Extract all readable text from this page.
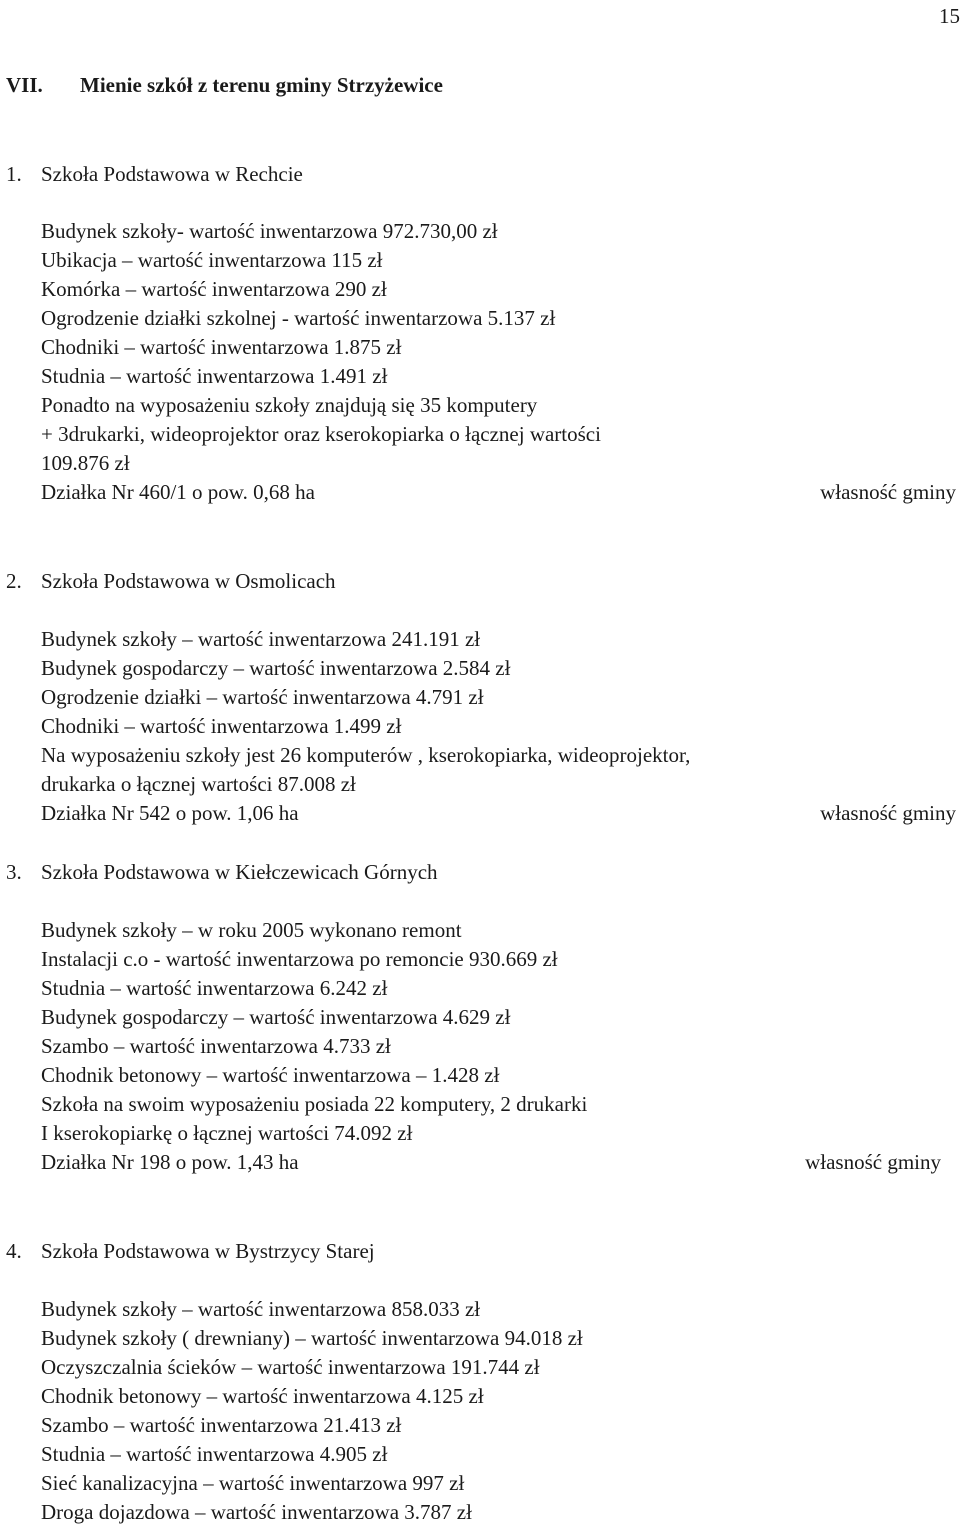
15
VII. Mienie szkół z terenu gminy Strzyżewice
1. Szkoła Podstawowa w Rechcie
Budynek szkoły- wartość inwentarzowa 972.730,00 zł
Ubikacja – wartość inwentarzowa 115 zł
Komórka – wartość inwentarzowa 290 zł
Ogrodzenie działki szkolnej - wartość inwentarzowa 5.137 zł
Chodniki – wartość inwentarzowa 1.875 zł
Studnia – wartość inwentarzowa 1.491 zł
Ponadto na wyposażeniu szkoły znajdują się 35 komputery
+ 3drukarki, wideoprojektor oraz kserokopiarka o łącznej wartości
109.876 zł
Działka Nr 460/1 o pow. 0,68 ha	własność gminy
2. Szkoła Podstawowa w Osmolicach
Budynek szkoły – wartość inwentarzowa 241.191 zł
Budynek gospodarczy – wartość inwentarzowa 2.584 zł
Ogrodzenie działki – wartość inwentarzowa 4.791 zł
Chodniki – wartość inwentarzowa 1.499 zł
Na wyposażeniu szkoły jest 26 komputerów , kserokopiarka, wideoprojektor,
drukarka o łącznej wartości 87.008 zł
Działka Nr 542 o pow. 1,06 ha	własność gminy
3. Szkoła Podstawowa w Kiełczewicach Górnych
Budynek szkoły – w roku 2005 wykonano remont
Instalacji c.o - wartość inwentarzowa po remoncie 930.669 zł
Studnia – wartość inwentarzowa 6.242 zł
Budynek gospodarczy – wartość inwentarzowa 4.629 zł
Szambo – wartość inwentarzowa 4.733 zł
Chodnik betonowy – wartość inwentarzowa – 1.428 zł
Szkoła na swoim wyposażeniu posiada 22 komputery, 2 drukarki
I kserokopiarkę o łącznej wartości 74.092 zł
Działka Nr 198 o pow. 1,43 ha	własność gminy
4. Szkoła Podstawowa w Bystrzycy Starej
Budynek szkoły – wartość inwentarzowa 858.033 zł
Budynek szkoły ( drewniany) – wartość inwentarzowa 94.018 zł
Oczyszczalnia ścieków – wartość inwentarzowa 191.744 zł
Chodnik betonowy – wartość inwentarzowa 4.125 zł
Szambo – wartość inwentarzowa 21.413 zł
Studnia – wartość inwentarzowa 4.905 zł
Sieć kanalizacyjna – wartość inwentarzowa 997 zł
Droga dojazdowa – wartość inwentarzowa 3.787 zł
